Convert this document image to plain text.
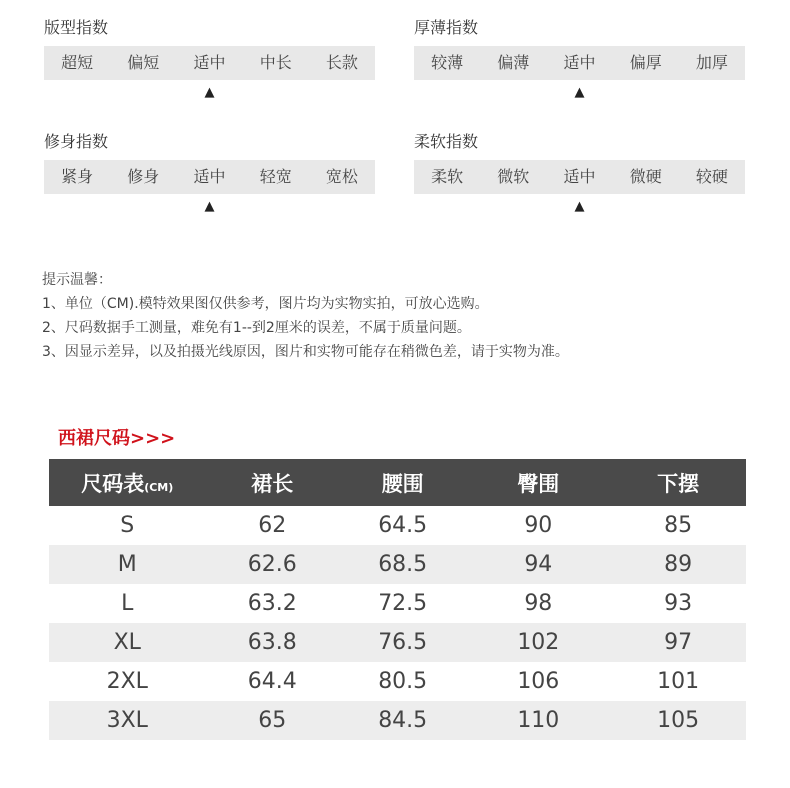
版型指数
超短	偏短	适中	中长	长款
▲
厚薄指数
较薄	偏薄	适中	偏厚	加厚
▲
修身指数
紧身	修身	适中	轻宽	宽松
▲
柔软指数
柔软	微软	适中	微硬	较硬
▲
提示温馨：
1、单位（CM).模特效果图仅供参考，图片均为实物实拍，可放心选购。
2、尺码数据手工测量，难免有1--到2厘米的误差，不属于质量问题。
3、因显示差异，以及拍摄光线原因，图片和实物可能存在稍微色差，请于实物为准。
西裙尺码>>>
尺码表(CM)	裙长	腰围	臀围	下摆
S	62	64.5	90	85
M	62.6	68.5	94	89
L	63.2	72.5	98	93
XL	63.8	76.5	102	97
2XL	64.4	80.5	106	101
3XL	65	84.5	110	105
